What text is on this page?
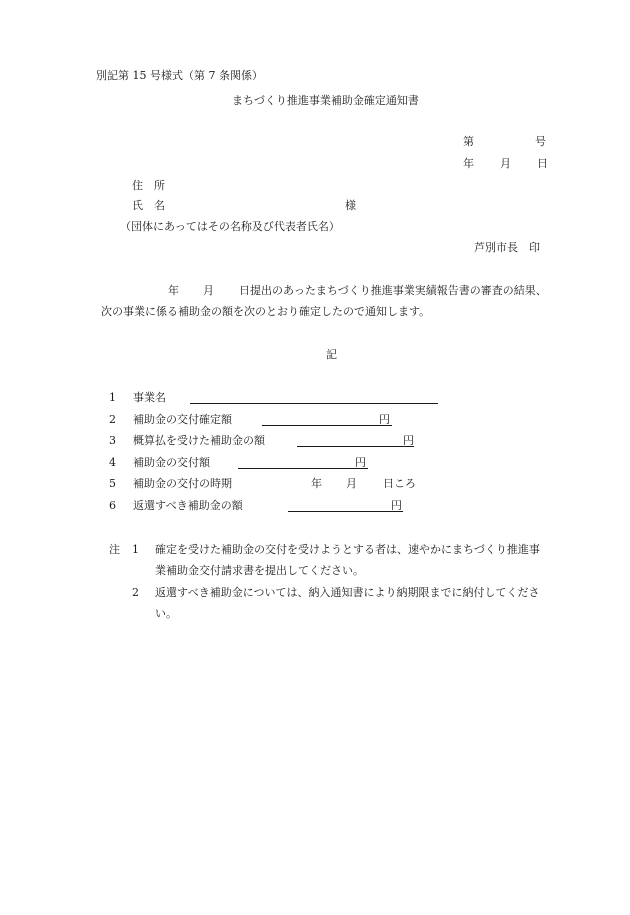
別記第 15 号様式（第 7 条関係）
まちづくり推進事業補助金確定通知書
第	号
年 月 日
住　所
氏　名	様
（団体にあってはその名称及び代表者氏名）
芦別市長　印
年 月 日提出のあったまちづくり推進事業実績報告書の審査の結果、
次の事業に係る補助金の額を次のとおり確定したので通知します。
記
1 事業名
2 補助金の交付確定額	円
3 概算払を受けた補助金の額	円
4 補助金の交付額	円
5 補助金の交付の時期	年 月 日ころ
6 返還すべき補助金の額	円
注 1 確定を受けた補助金の交付を受けようとする者は、速やかにまちづくり推進事
業補助金交付請求書を提出してください。
2 返還すべき補助金については、納入通知書により納期限までに納付してくださ
い。
